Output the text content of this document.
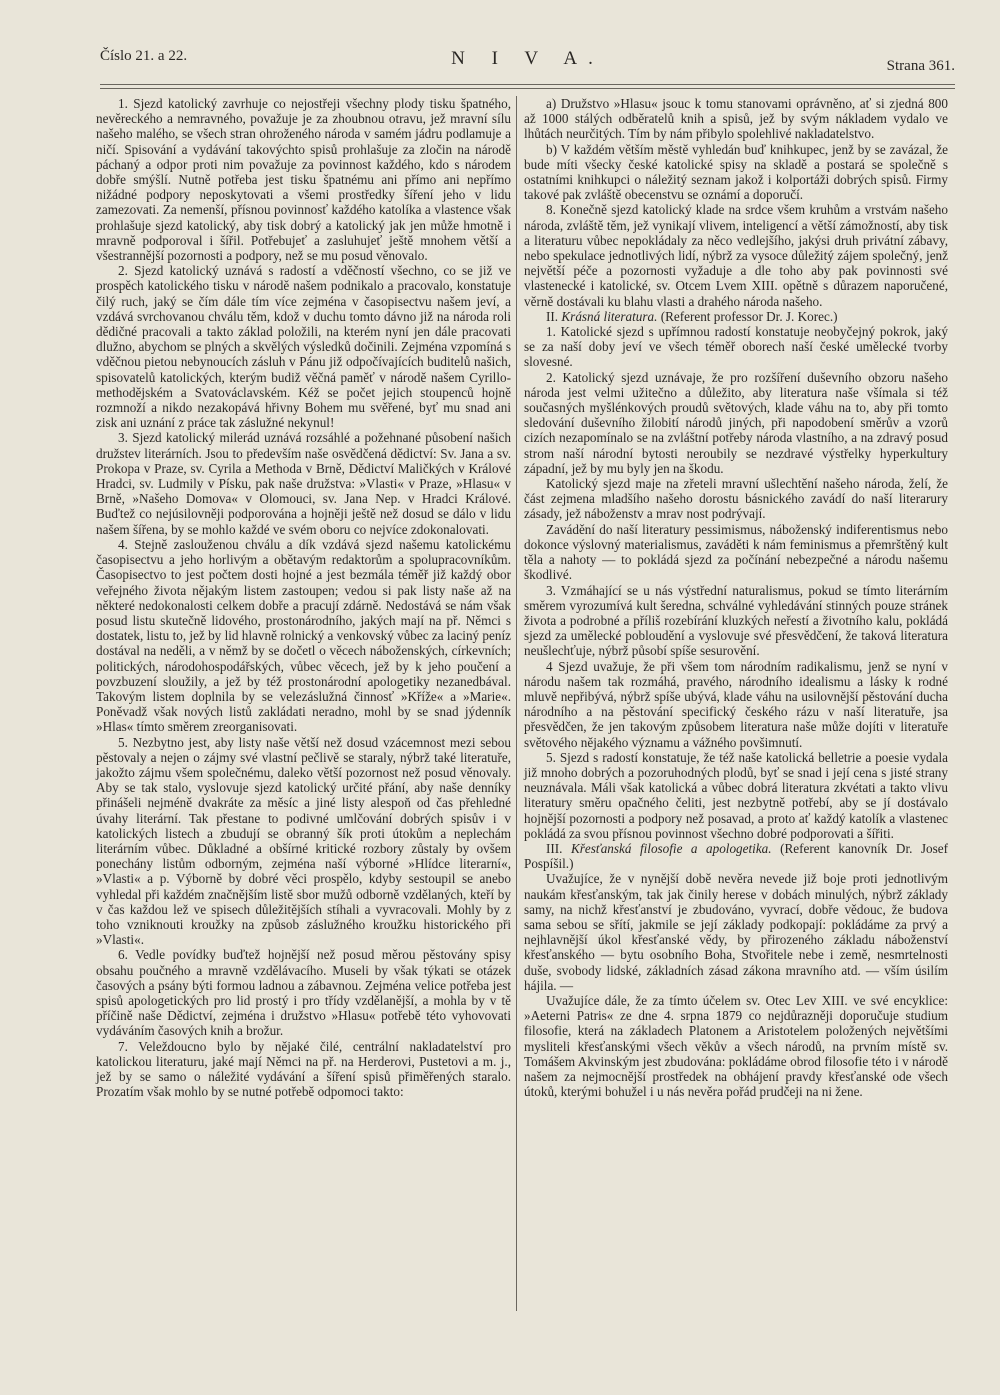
Číslo 21. a 22.	N I V A.	Strana 361.

1. Sjezd katolický zavrhuje co nejostřeji všechny plody tisku špatného, nevěreckého a nemravného, považuje je za zhoubnou otravu, jež mravní sílu našeho malého, se všech stran ohroženého národa v samém jádru podlamuje a ničí. Spisování a vydávání takovýchto spisů prohlašuje za zločin na národě páchaný a odpor proti nim považuje za povinnost každého, kdo s národem dobře smýšlí. Nutně potřeba jest tisku špatnému ani přímo ani nepřímo nižádné podpory neposkytovati a všemi prostředky šíření jeho v lidu zamezovati. Za nemenší, přísnou povinnosť každého katolíka a vlastence však prohlašuje sjezd katolický, aby tisk dobrý a katolický jak jen může hmotně i mravně podporoval i šířil. Potřebujeť a zasluhujeť ještě mnohem větší a všestrannější pozornosti a podpory, než se mu posud věnovalo.

2. Sjezd katolický uznává s radostí a vděčností všechno, co se již ve prospěch katolického tisku v národě našem podnikalo a pracovalo, konstatuje čilý ruch, jaký se čím dále tím více zejména v časopisectvu našem jeví, a vzdává svrchovanou chválu těm, kdož v duchu tomto dávno již na národa roli dědičné pracovali a takto základ položili, na kterém nyní jen dále pracovati dlužno, abychom se plných a skvělých výsledků dočinili. Zejména vzpomíná s vděčnou pietou nebynoucích zásluh v Pánu již odpočívajících buditelů našich, spisovatelů katolických, kterým budiž věčná paměť v národě našem Cyrillo-methodějském a Svatováclavském. Kéž se počet jejich stoupenců hojně rozmnoží a nikdo nezakopává hřivny Bohem mu svěřené, byť mu snad ani zisk ani uznání z práce tak záslužné nekynul!

3. Sjezd katolický milerád uznává rozsáhlé a požehnané působení našich družstev literárních. Jsou to především naše osvědčená dědictví: Sv. Jana a sv. Prokopa v Praze, sv. Cyrila a Methoda v Brně, Dědictví Maličkých v Králové Hradci, sv. Ludmily v Písku, pak naše družstva: »Vlasti« v Praze, »Hlasu« v Brně, »Našeho Domova« v Olomouci, sv. Jana Nep. v Hradci Králové. Buďtež co nejúsilovněji podporována a hojněji ještě než dosud se dálo v lidu našem šířena, by se mohlo každé ve svém oboru co nejvíce zdokonalovati.

4. Stejně zaslouženou chválu a dík vzdává sjezd našemu katolickému časopisectvu a jeho horlivým a obětavým redaktorům a spolupracovníkům. Časopisectvo to jest počtem dosti hojné a jest bezmála téměř již každý obor veřejného života nějakým listem zastoupen; vedou si pak listy naše až na některé nedokonalosti celkem dobře a pracují zdárně. Nedostává se nám však posud listu skutečně lidového, prostonárodního, jakých mají na př. Němci s dostatek, listu to, jež by lid hlavně rolnický a venkovský vůbec za laciný peníz dostával na neděli, a v němž by se dočetl o věcech náboženských, církevních; politických, národohospodářských, vůbec věcech, jež by k jeho poučení a povzbuzení sloužily, a jež by též prostonárodní apologetiky nezanedbával. Takovým listem doplnila by se velezáslužná činnosť »Kříže« a »Marie«. Poněvadž však nových listů zakládati neradno, mohl by se snad jýdenník »Hlas« tímto směrem zreorganisovati.

5. Nezbytno jest, aby listy naše větší než dosud vzácemnost mezi sebou pěstovaly a nejen o zájmy své vlastní pečlivě se staraly, nýbrž také literatuře, jakožto zájmu všem společnému, daleko větší pozornost než posud věnovaly. Aby se tak stalo, vyslovuje sjezd katolický určité přání, aby naše denníky přinášeli nejméně dvakráte za měsíc a jiné listy alespoň od čas přehledné úvahy literární. Tak přestane to podivné umlčování dobrých spisův i v katolických listech a zbudují se obranný šík proti útokům a neplechám literárním vůbec. Důkladné a obšírné kritické rozbory zůstaly by ovšem ponechány listům odborným, zejména naší výborné »Hlídce literarní«, »Vlasti« a p. Výborně by dobré věci prospělo, kdyby sestoupil se anebo vyhledal při každém značnějším listě sbor mužů odborně vzdělaných, kteří by v čas každou lež ve spisech důležitějších stíhali a vyvracovali. Mohly by z toho vzniknouti kroužky na způsob záslužného kroužku historického při »Vlasti«.

6. Vedle povídky buďtež hojnější než posud měrou pěstovány spisy obsahu poučného a mravně vzdělávacího. Museli by však týkati se otázek časových a psány býti formou ladnou a zábavnou. Zejména velice potřeba jest spisů apologetických pro lid prostý i pro třídy vzdělanější, a mohla by v tě příčině naše Dědictví, zejména i družstvo »Hlasu« potřebě této vyhovovati vydáváním časových knih a brožur.

7. Veleždoucno bylo by nějaké čilé, centrální nakladatelství pro katolickou literaturu, jaké mají Němci na př. na Herderovi, Pustetovi a m. j., jež by se samo o náležité vydávání a šíření spisů přiměřených staralo. Prozatím však mohlo by se nutné potřebě odpomoci takto:

a) Družstvo »Hlasu« jsouc k tomu stanovami oprávněno, ať si zjedná 800 až 1000 stálých odběratelů knih a spisů, jež by svým nákladem vydalo ve lhůtách neurčitých. Tím by nám přibylo spolehlivé nakladatelstvo.

b) V každém větším městě vyhledán buď knihkupec, jenž by se zavázal, že bude míti všecky české katolické spisy na skladě a postará se společně s ostatními knihkupci o náležitý seznam jakož i kolportáži dobrých spisů. Firmy takové pak zvláště obecenstvu se oznámí a doporučí.

8. Konečně sjezd katolický klade na srdce všem kruhům a vrstvám našeho národa, zvláště těm, jež vynikají vlivem, inteligencí a větší zámožností, aby tisk a literaturu vůbec nepokládaly za něco vedlejšího, jakýsi druh privátní zábavy, nebo spekulace jednotlivých lidí, nýbrž za vysoce důležitý zájem společný, jenž největší péče a pozornosti vyžaduje a dle toho aby pak povinnosti své vlastenecké i katolické, sv. Otcem Lvem XIII. opětně s důrazem naporučené, věrně dostávali ku blahu vlasti a drahého národa našeho.

II. Krásná literatura. (Referent professor Dr. J. Korec.)

1. Katolické sjezd s upřímnou radostí konstatuje neobyčejný pokrok, jaký se za naší doby jeví ve všech téměř oborech naší české umělecké tvorby slovesné.

2. Katolický sjezd uznávaje, že pro rozšíření duševního obzoru našeho národa jest velmi užitečno a důležito, aby literatura naše všímala si též současných myšlénkových proudů světových, klade váhu na to, aby při tomto sledování duševního žilobití národů jiných, při napodobení směrův a vzorů cizích nezapomínalo se na zvláštní potřeby národa vlastního, a na zdravý posud strom naší národní bytosti neroubily se nezdravé výstřelky hyperkultury západní, jež by mu byly jen na škodu.

Katolický sjezd maje na zřeteli mravní ušlechtění našeho národa, želí, že část zejmena mladšího našeho dorostu básnického zavádí do naší literarury zásady, jež náboženstv a mrav nost podrývají.

Zavádění do naší literatury pessimismus, náboženský indiferentismus nebo dokonce výslovný materialismus, zaváděti k nám feminismus a přemrštěný kult těla a nahoty — to pokládá sjezd za počínání nebezpečné a národu našemu škodlivé.

3. Vzmáhající se u nás výstřední naturalismus, pokud se tímto literárním směrem vyrozumívá kult šeredna, schválné vyhledávání stinných pouze stránek života a podrobné a příliš rozebírání kluzkých neřestí a životního kalu, pokládá sjezd za umělecké pobloudění a vyslovuje své přesvědčení, že taková literatura neušlechťuje, nýbrž působí spíše sesurovění.

4 Sjezd uvažuje, že při všem tom národním radikalismu, jenž se nyní v národu našem tak rozmáhá, pravého, národního idealismu a lásky k rodné mluvě nepřibývá, nýbrž spíše ubývá, klade váhu na usilovnější pěstování ducha národního a na pěstování specifický českého rázu v naší literatuře, jsa přesvědčen, že jen takovým způsobem literatura naše může dojíti v literatuře světového nějakého významu a vážného povšimnutí.

5. Sjezd s radostí konstatuje, že též naše katolická belletrie a poesie vydala již mnoho dobrých a pozoruhodných plodů, byť se snad i její cena s jisté strany neuznávala. Máli však katolická a vůbec dobrá literatura zkvétati a takto vlivu literatury směru opačného čeliti, jest nezbytně potřebí, aby se jí dostávalo hojnější pozornosti a podpory než posavad, a proto ať každý katolík a vlastenec pokládá za svou přísnou povinnost všechno dobré podporovati a šířiti.

III. Křesťanská filosofie a apologetika. (Referent kanovník Dr. Josef Pospíšil.)

Uvažujíce, že v nynější době nevěra nevede již boje proti jednotlivým naukám křesťanským, tak jak činily herese v dobách minulých, nýbrž základy samy, na nichž křesťanství je zbudováno, vyvrací, dobře vědouc, že budova sama sebou se sřítí, jakmile se její základy podkopají: pokládáme za prvý a nejhlavnější úkol křesťanské vědy, by přirozeného základu náboženství křesťanského — bytu osobního Boha, Stvořitele nebe i země, nesmrtelnosti duše, svobody lidské, základních zásad zákona mravního atd. — vším úsilím hájila. —

Uvažujíce dále, že za tímto účelem sv. Otec Lev XIII. ve své encyklice: »Aeterni Patris« ze dne 4. srpna 1879 co nejdůrazněji doporučuje studium filosofie, která na základech Platonem a Aristotelem položených největšími mysliteli křesťanskými všech věkův a všech národů, na prvním místě sv. Tomášem Akvinským jest zbudována: pokládáme obrod filosofie této i v národě našem za nejmocnější prostředek na obhájení pravdy křesťanské ode všech útoků, kterými bohužel i u nás nevěra pořád prudčeji na ni žene.
